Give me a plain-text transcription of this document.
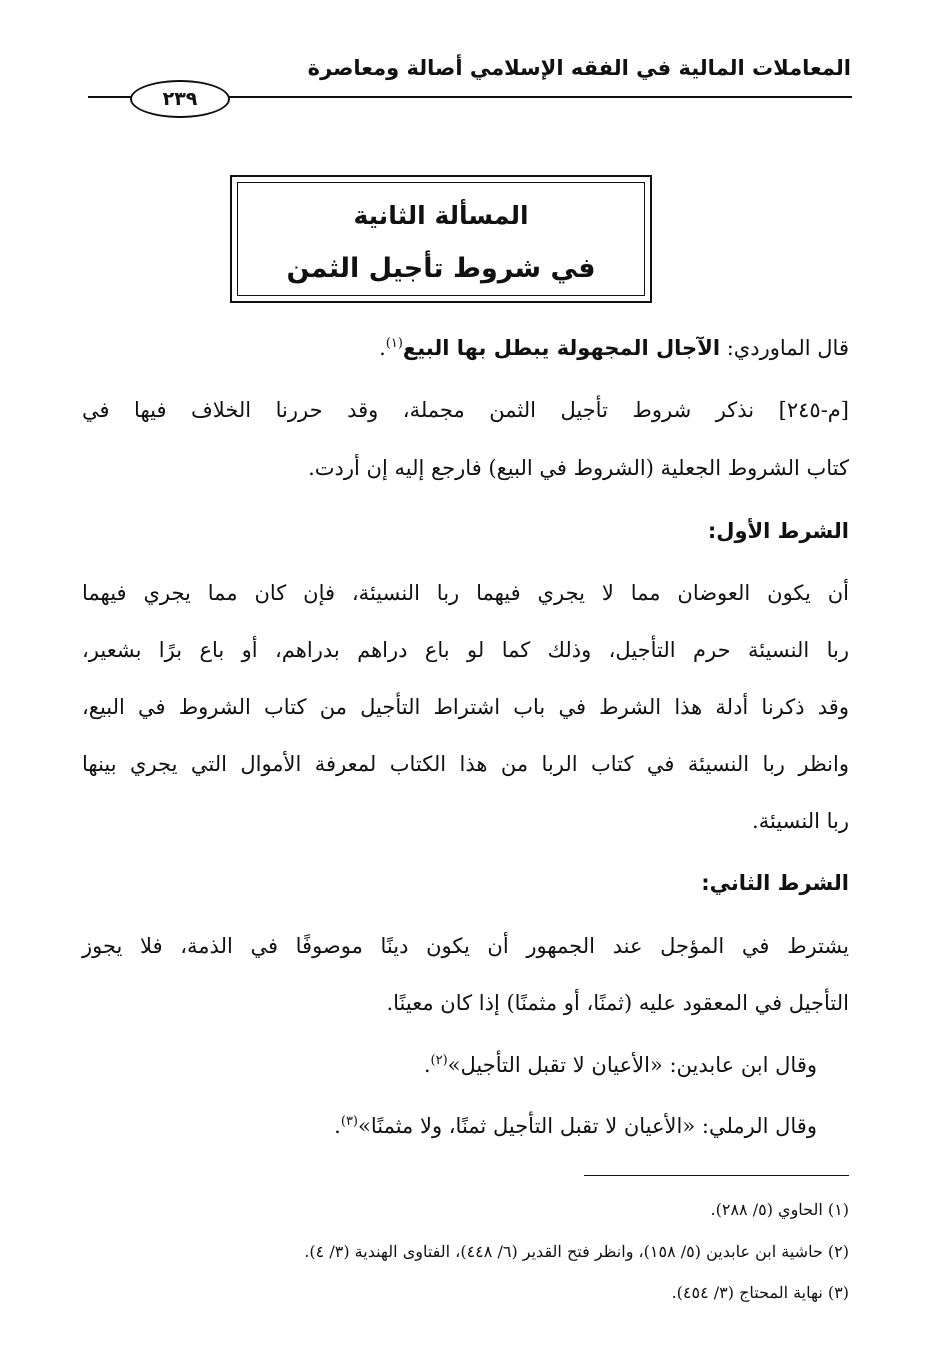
المعاملات المالية في الفقه الإسلامي أصالة ومعاصرة
٢٣٩
المسألة الثانية
في شروط تأجيل الثمن
قال الماوردي: الآجال المجهولة يبطل بها البيع$^{(١)}$.
[م-٢٤٥] نذكر شروط تأجيل الثمن مجملة، وقد حررنا الخلاف فيها في
كتاب الشروط الجعلية (الشروط في البيع) فارجع إليه إن أردت.
الشرط الأول:
أن يكون العوضان مما لا يجري فيهما ربا النسيئة، فإن كان مما يجري فيهما
ربا النسيئة حرم التأجيل، وذلك كما لو باع دراهم بدراهم، أو باع برًا بشعير،
وقد ذكرنا أدلة هذا الشرط في باب اشتراط التأجيل من كتاب الشروط في البيع،
وانظر ربا النسيئة في كتاب الربا من هذا الكتاب لمعرفة الأموال التي يجري بينها
ربا النسيئة.
الشرط الثاني:
يشترط في المؤجل عند الجمهور أن يكون دينًا موصوفًا في الذمة، فلا يجوز
التأجيل في المعقود عليه (ثمنًا، أو مثمنًا) إذا كان معينًا.
وقال ابن عابدين: «الأعيان لا تقبل التأجيل»$^{(٢)}$.
وقال الرملي: «الأعيان لا تقبل التأجيل ثمنًا، ولا مثمنًا»$^{(٣)}$.
(١) الحاوي (٥/ ٢٨٨).
(٢) حاشية ابن عابدين (٥/ ١٥٨)، وانظر فتح القدير (٦/ ٤٤٨)، الفتاوى الهندية (٣/ ٤).
(٣) نهاية المحتاج (٣/ ٤٥٤).
